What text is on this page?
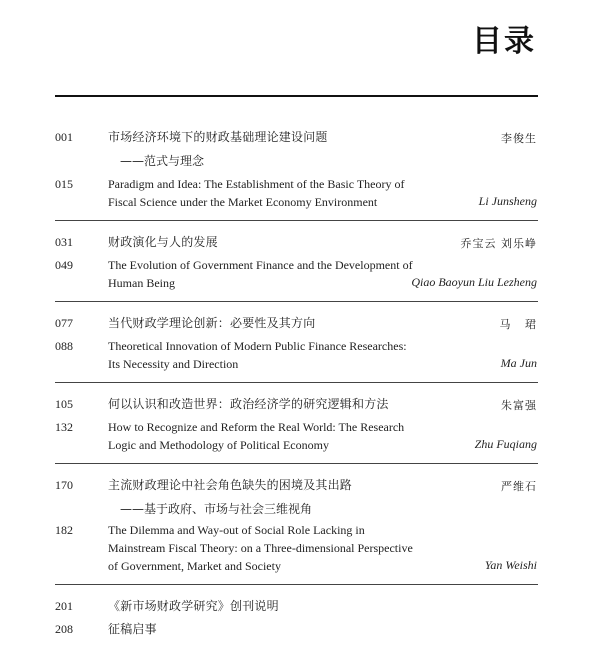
目录
001	市场经济环境下的财政基础理论建设问题
——范式与理念
李俊生
015	Paradigm and Idea: The Establishment of the Basic Theory of
Fiscal Science under the Market Economy Environment	Li Junsheng
031	财政演化与人的发展	乔宝云 刘乐峥
049	The Evolution of Government Finance and the Development of
Human Being	Qiao Baoyun Liu Lezheng
077	当代财政学理论创新：必要性及其方向	马   珺
088	Theoretical Innovation of Modern Public Finance Researches:
Its Necessity and Direction	Ma Jun
105	何以认识和改造世界：政治经济学的研究逻辑和方法	朱富强
132	How to Recognize and Reform the Real World: The Research
Logic and Methodology of Political Economy	Zhu Fuqiang
170	主流财政理论中社会角色缺失的困境及其出路
——基于政府、市场与社会三维视角
严维石
182	The Dilemma and Way-out of Social Role Lacking in
Mainstream Fiscal Theory: on a Three-dimensional Perspective
of Government, Market and Society	Yan Weishi
201	《新市场财政学研究》创刊说明
208	征稿启事
